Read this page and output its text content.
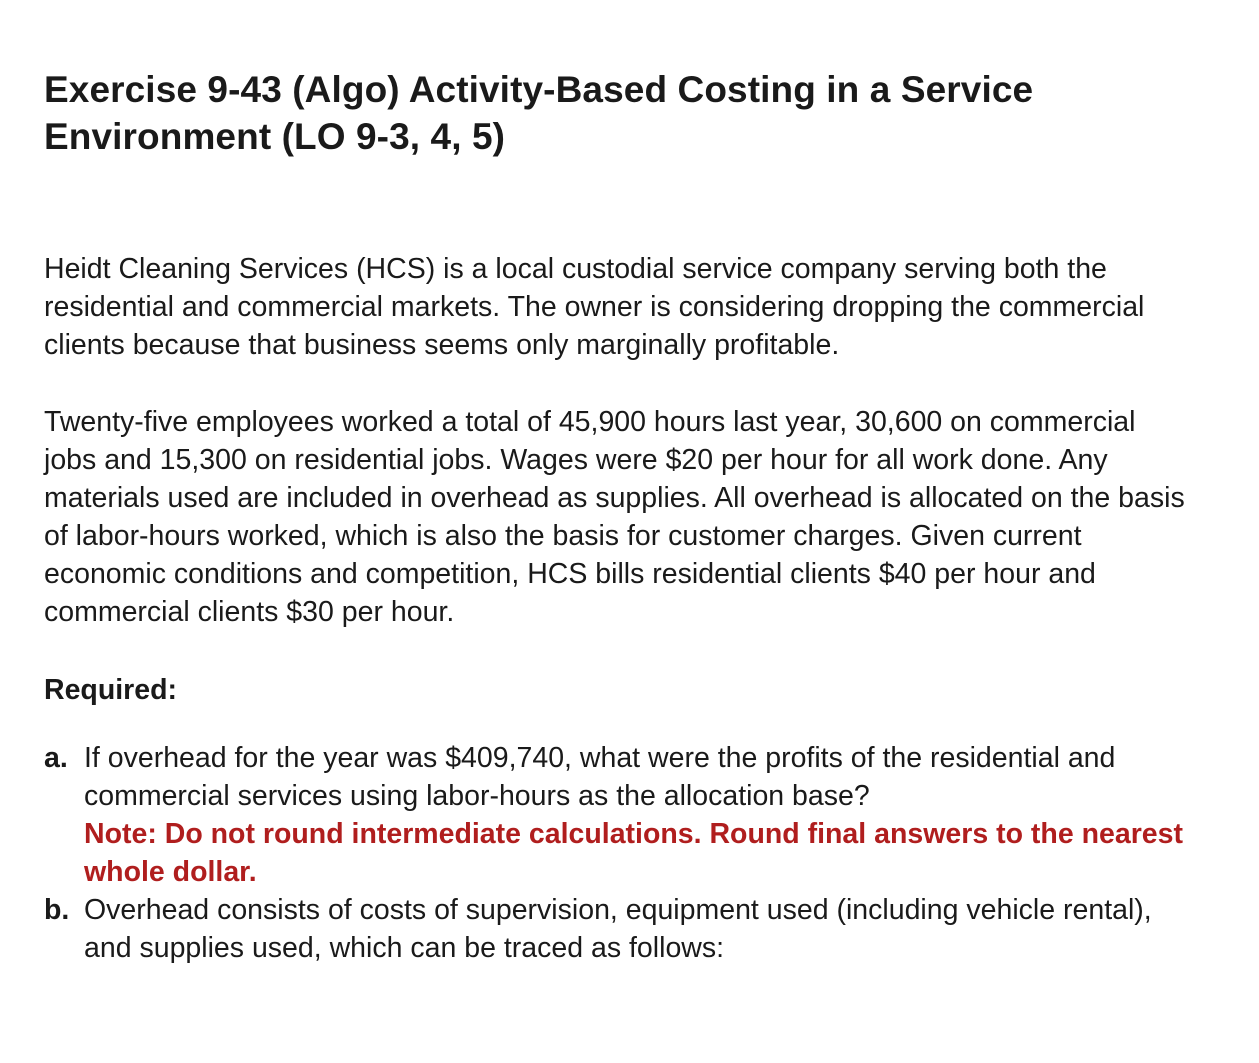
Exercise 9-43 (Algo) Activity-Based Costing in a Service Environment (LO 9-3, 4, 5)

Heidt Cleaning Services (HCS) is a local custodial service company serving both the residential and commercial markets. The owner is considering dropping the commercial clients because that business seems only marginally profitable.

Twenty-five employees worked a total of 45,900 hours last year, 30,600 on commercial jobs and 15,300 on residential jobs. Wages were $20 per hour for all work done. Any materials used are included in overhead as supplies. All overhead is allocated on the basis of labor-hours worked, which is also the basis for customer charges. Given current economic conditions and competition, HCS bills residential clients $40 per hour and commercial clients $30 per hour.

Required:
a. If overhead for the year was $409,740, what were the profits of the residential and commercial services using labor-hours as the allocation base?
Note: Do not round intermediate calculations. Round final answers to the nearest whole dollar.
b. Overhead consists of costs of supervision, equipment used (including vehicle rental), and supplies used, which can be traced as follows:
